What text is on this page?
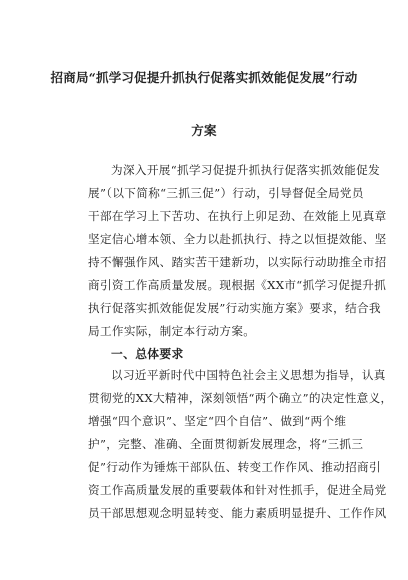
招商局“抓学习促提升抓执行促落实抓效能促发展”行动
方案
为深入开展“抓学习促提升抓执行促落实抓效能促发
展”（以下简称“三抓三促”）行动，引导督促全局党员
干部在学习上下苦功、在执行上卯足劲、在效能上见真章
坚定信心增本领、全力以赴抓执行、持之以恒提效能、坚
持不懈强作风、踏实苦干建新功，以实际行动助推全市招
商引资工作高质量发展。现根据《XX市“抓学习促提升抓
执行促落实抓效能促发展”行动实施方案》要求，结合我
局工作实际，制定本行动方案。
一、总体要求
以习近平新时代中国特色社会主义思想为指导，认真
贯彻党的XX大精神，深刻领悟“两个确立”的决定性意义，
增强“四个意识”、坚定“四个自信”、做到“两个维
护”，完整、准确、全面贯彻新发展理念，将“三抓三
促”行动作为锤炼干部队伍、转变工作作风、推动招商引
资工作高质量发展的重要载体和针对性抓手，促进全局党
员干部思想观念明显转变、能力素质明显提升、工作作风
